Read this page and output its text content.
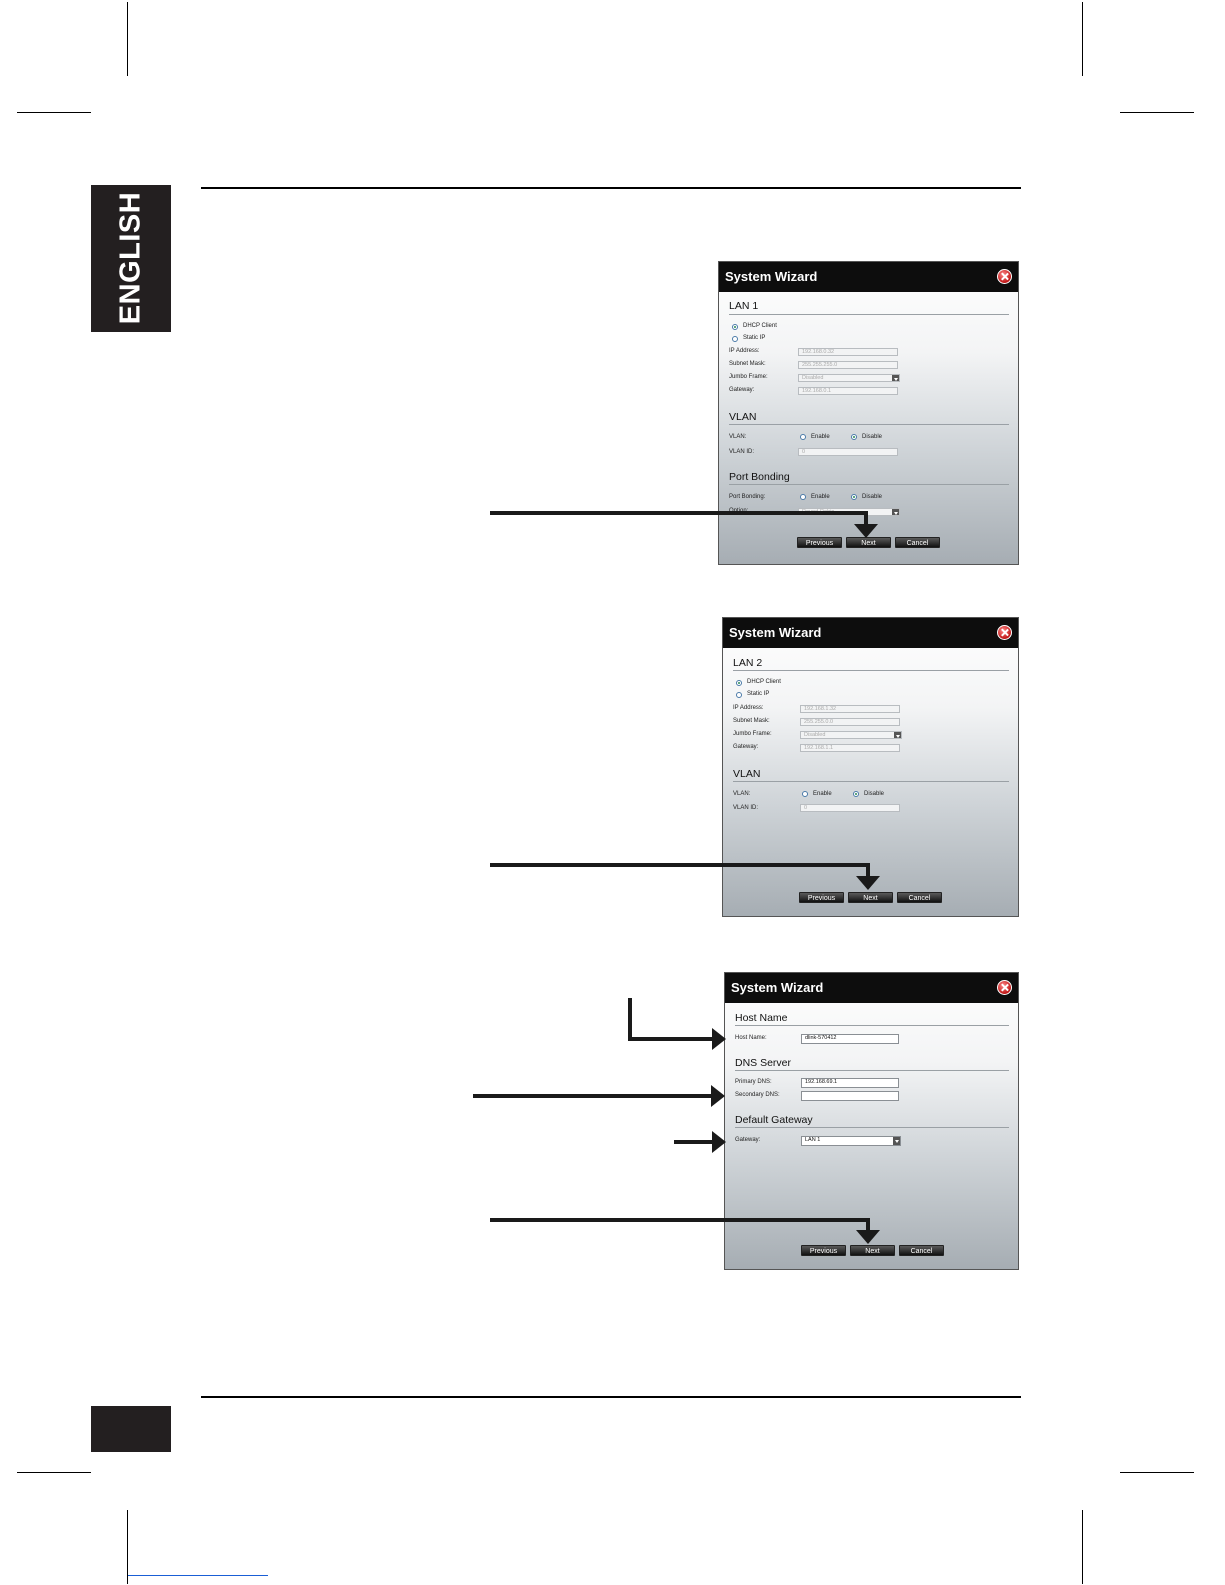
ENGLISH	System Wizard
LAN 1
DHCP Client
Static IP
IP Address:	192.168.0.32
Subnet Mask:	255.255.255.0
Jumbo Frame:	Disabled
Gateway:	192.168.0.1
VLAN
VLAN:	Enable	Disable
VLAN ID:	0
Port Bonding
Port Bonding:	Enable	Disable
Previous	Next	Cancel
System Wizard
LAN 2
DHCP Client
Static IP
IP Address:	192.168.1.32
Subnet Mask:	255.255.0.0
Jumbo Frame:	Disabled
Gateway:	192.168.1.1
VLAN
VLAN:	Enable	Disable
VLAN ID:	0
Previous	Next	Cancel
System Wizard
Host Name
Host Name:	dlink-570412
DNS Server
Primary DNS:	192.168.69.1
Secondary DNS:
Default Gateway
Gateway:	LAN 1
Previous	Next	Cancel
